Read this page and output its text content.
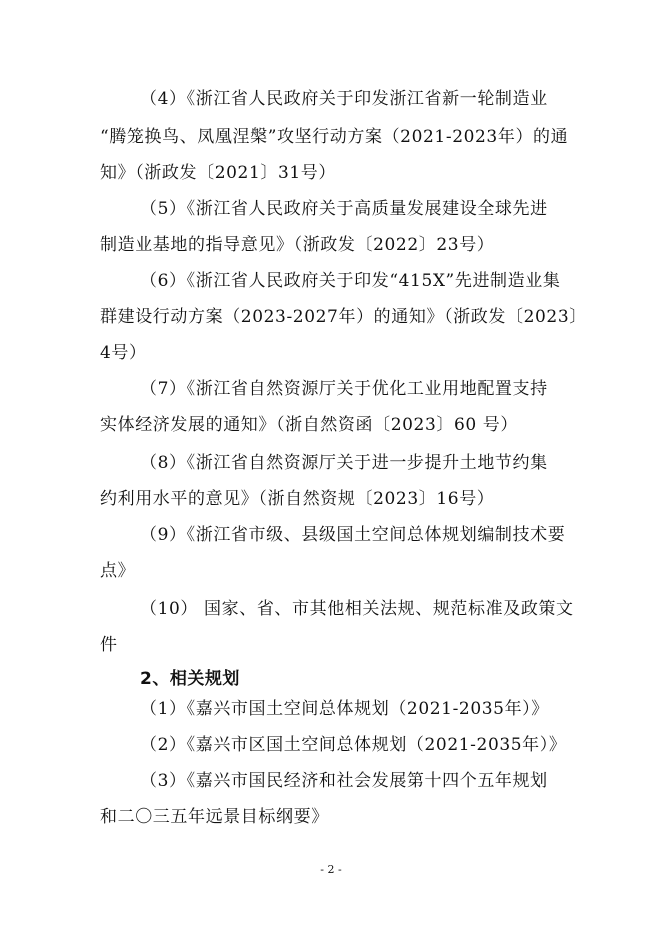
（4）《浙江省人民政府关于印发浙江省新一轮制造业
“腾笼换鸟、凤凰涅槃”攻坚行动方案（2021-2023年）的通
知》（浙政发〔2021〕31号）
（5）《浙江省人民政府关于高质量发展建设全球先进
制造业基地的指导意见》（浙政发〔2022〕23号）
（6）《浙江省人民政府关于印发“415X”先进制造业集
群建设行动方案（2023-2027年）的通知》（浙政发〔2023〕
4号）
（7）《浙江省自然资源厅关于优化工业用地配置支持
实体经济发展的通知》（浙自然资函〔2023〕60 号）
（8）《浙江省自然资源厅关于进一步提升土地节约集
约利用水平的意见》（浙自然资规〔2023〕16号）
（9）《浙江省市级、县级国土空间总体规划编制技术要
点》
（10） 国家、省、市其他相关法规、规范标准及政策文
件
2、相关规划
（1）《嘉兴市国土空间总体规划（2021-2035年）》
（2）《嘉兴市区国土空间总体规划（2021-2035年）》
（3）《嘉兴市国民经济和社会发展第十四个五年规划
和二〇三五年远景目标纲要》
- 2 -
